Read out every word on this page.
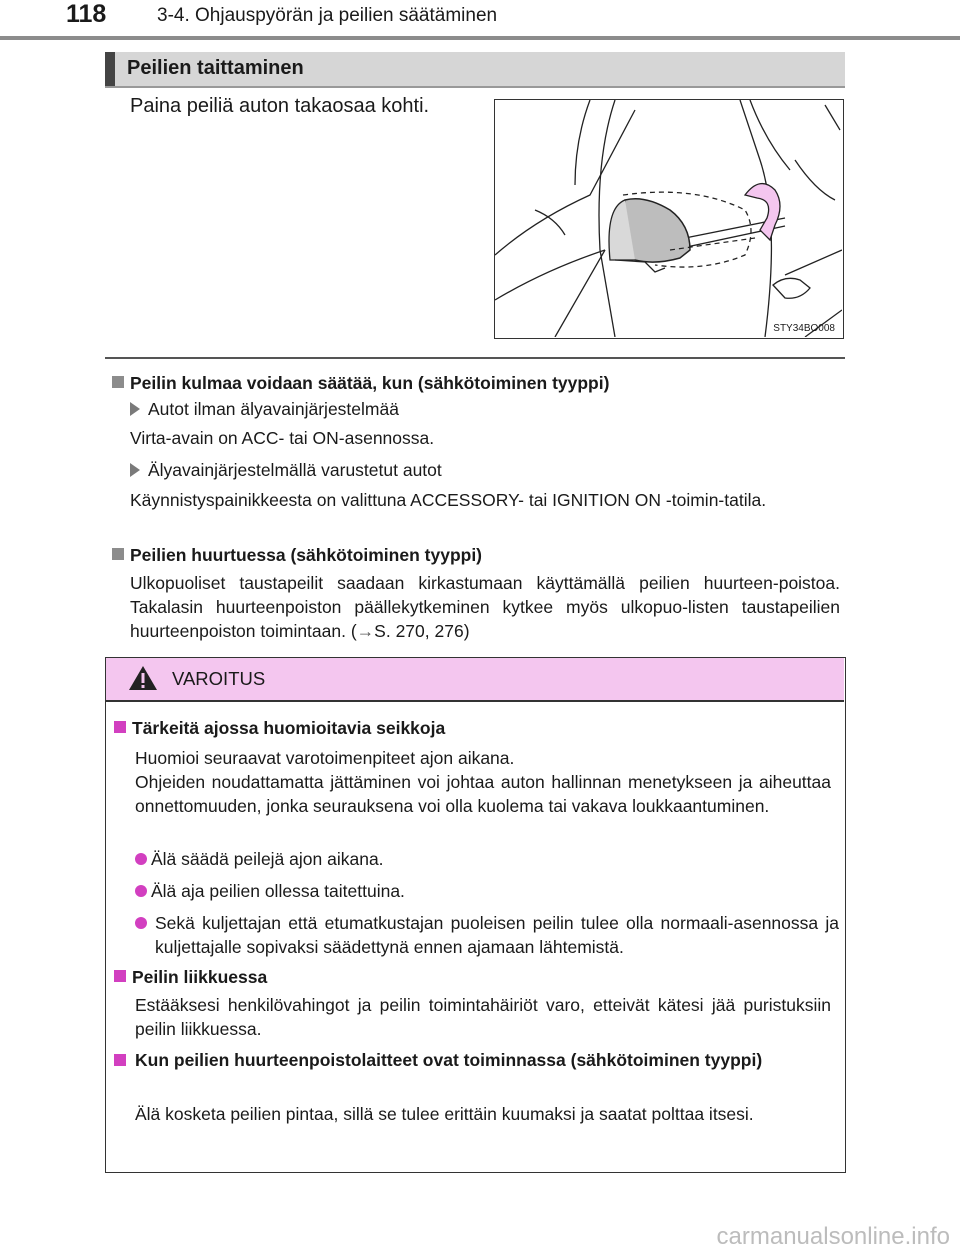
118	3-4. Ohjauspyörän ja peilien säätäminen
Peilien taittaminen
Paina peiliä auton takaosaa kohti.
STY34BO008
Peilin kulmaa voidaan säätää, kun (sähkötoiminen tyyppi)
Autot ilman älyavainjärjestelmää
Virta-avain on ACC- tai ON-asennossa.
Älyavainjärjestelmällä varustetut autot
Käynnistyspainikkeesta on valittuna ACCESSORY- tai IGNITION ON -toimin-tatila.
Peilien huurtuessa (sähkötoiminen tyyppi)
Ulkopuoliset taustapeilit saadaan kirkastumaan käyttämällä peilien huurteen-poistoa. Takalasin huurteenpoiston päällekytkeminen kytkee myös ulkopuo-listen taustapeilien huurteenpoiston toimintaan. (→S. 270, 276)
VAROITUS
Tärkeitä ajossa huomioitavia seikkoja
Huomioi seuraavat varotoimenpiteet ajon aikana.
Ohjeiden noudattamatta jättäminen voi johtaa auton hallinnan menetykseen ja aiheuttaa onnettomuuden, jonka seurauksena voi olla kuolema tai vakava loukkaantuminen.
Älä säädä peilejä ajon aikana.
Älä aja peilien ollessa taitettuina.
Sekä kuljettajan että etumatkustajan puoleisen peilin tulee olla normaali-asennossa ja kuljettajalle sopivaksi säädettynä ennen ajamaan lähtemistä.
Peilin liikkuessa
Estääksesi henkilövahingot ja peilin toimintahäiriöt varo, etteivät kätesi jää puristuksiin peilin liikkuessa.
Kun peilien huurteenpoistolaitteet ovat toiminnassa (sähkötoiminen tyyppi)
Älä kosketa peilien pintaa, sillä se tulee erittäin kuumaksi ja saatat polttaa itsesi.
carmanualsonline.info
